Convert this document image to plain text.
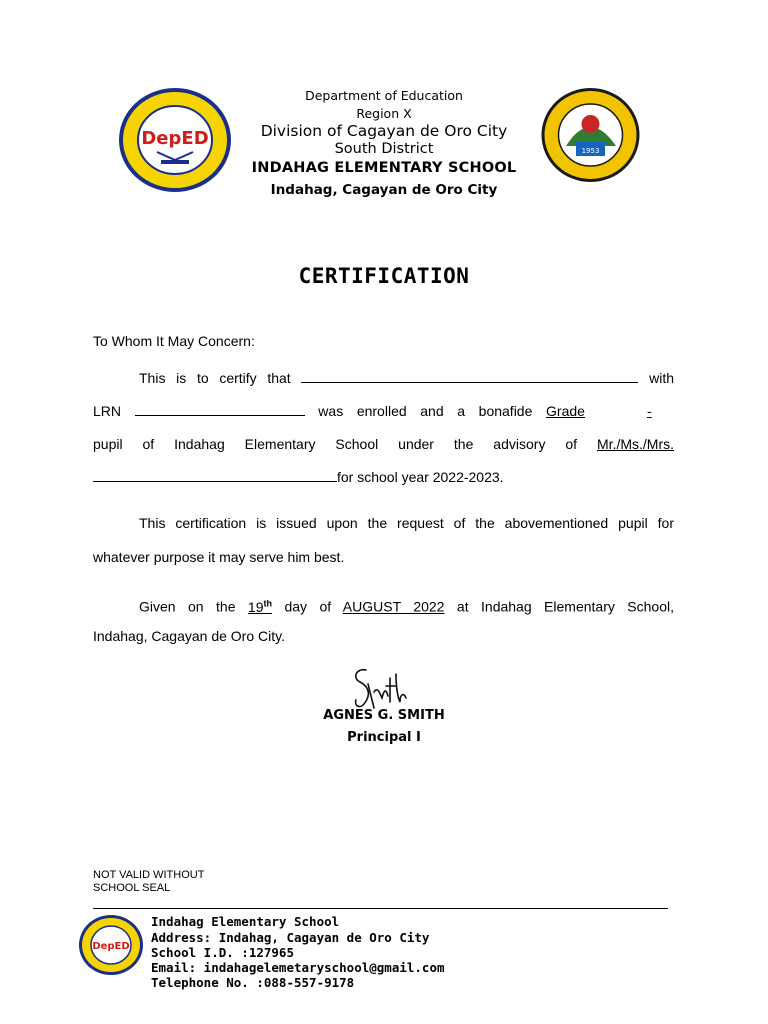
DepED
1953
Department of Education
Region X
Division of Cagayan de Oro City
South District
INDAHAG ELEMENTARY SCHOOL
Indahag, Cagayan de Oro City
CERTIFICATION
To Whom It May Concern:
This is to certify that	with
LRN	was enrolled and a bonafide Grade	-
pupil of Indahag Elementary School under the advisory of Mr./Ms./Mrs.
for school year 2022-2023.
This certification is issued upon the request of the abovementioned pupil for
whatever purpose it may serve him best.
Given on the 19th day of AUGUST 2022 at Indahag Elementary School,
Indahag, Cagayan de Oro City.
AGNES G. SMITH
Principal I
NOT VALID WITHOUT
SCHOOL SEAL
DepED
Indahag Elementary School
Address: Indahag, Cagayan de Oro City
School I.D. :127965
Email: indahagelemetaryschool@gmail.com
Telephone No. :088-557-9178
